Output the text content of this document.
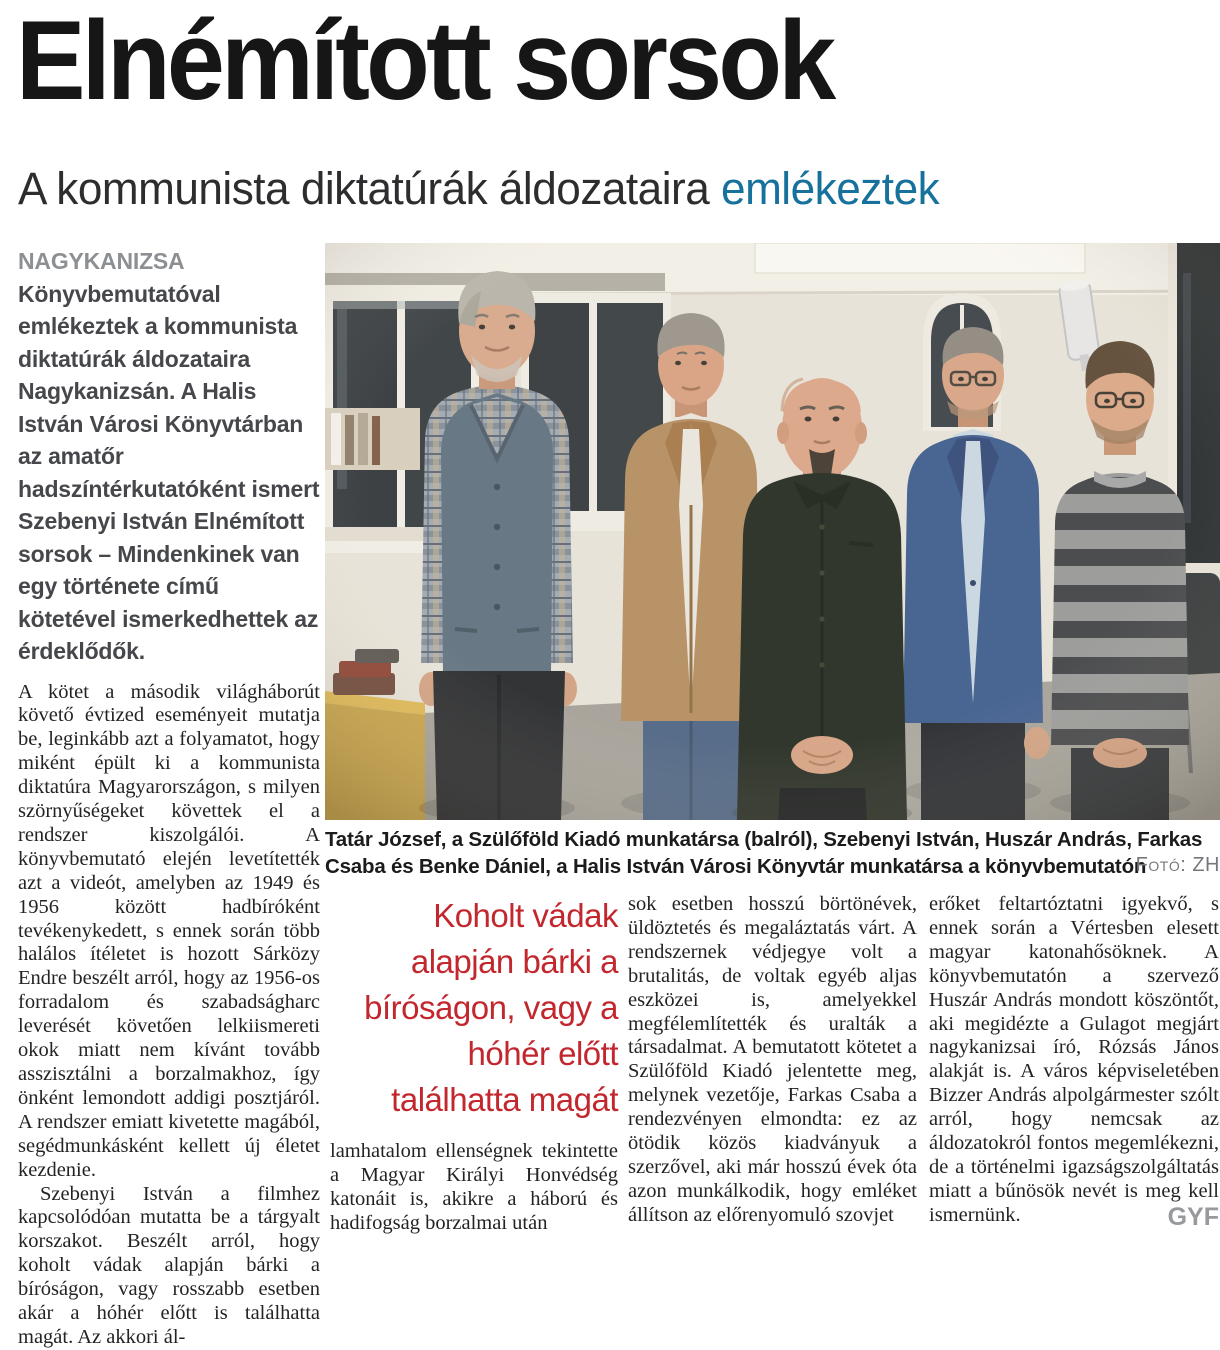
Elnémított sorsok
A kommunista diktatúrák áldozataira emlékeztek

NAGYKANIZSA Könyvbemutatóval emlékeztek a kommunista diktatúrák áldozataira Nagykanizsán. A Halis István Városi Könyvtárban az amatőr hadszíntérkutatóként ismert Szebenyi István Elnémított sorsok – Mindenkinek van egy története című kötetével ismerkedhettek az érdeklődők.

A kötet a második világháborút követő évtized eseményeit mutatja be, leginkább azt a folyamatot, hogy miként épült ki a kommunista diktatúra Magyarországon, s milyen szörnyűségeket követtek el a rendszer kiszolgálói. A könyvbemutató elején levetítették azt a videót, amelyben az 1949 és 1956 között hadbíróként tevékenykedett, s ennek során több halálos ítéletet is hozott Sárközy Endre beszélt arról, hogy az 1956-os forradalom és szabadságharc leverését követően lelkiismereti okok miatt nem kívánt tovább asszisztálni a borzalmakhoz, így önként lemondott addigi posztjáról. A rendszer emiatt kivetette magából, segédmunkásként kellett új életet kezdenie.

Szebenyi István a filmhez kapcsolódóan mutatta be a tárgyalt korszakot. Beszélt arról, hogy koholt vádak alapján bárki a bíróságon, vagy rosszabb esetben akár a hóhér előtt is találhatta magát. Az akkori ál-

Tatár József, a Szülőföld Kiadó munkatársa (balról), Szebenyi István, Huszár András, Farkas Csaba és Benke Dániel, a Halis István Városi Könyvtár munkatársa a könyvbemutatón
Fotó: ZH
Koholt vádak alapján bárki a bíróságon, vagy a hóhér előtt találhatta magát

lamhatalom ellenségnek tekintette a Magyar Királyi Honvédség katonáit is, akikre a háború és hadifogság borzalmai után

sok esetben hosszú börtönévek, üldöztetés és megaláztatás várt. A rendszernek védjegye volt a brutalitás, de voltak egyéb aljas eszközei is, amelyekkel megfélemlítették és uralták a társadalmat. A bemutatott kötetet a Szülőföld Kiadó jelentette meg, melynek vezetője, Farkas Csaba a rendezvényen elmondta: ez az ötödik közös kiadványuk a szerzővel, aki már hosszú évek óta azon munkálkodik, hogy emléket állítson az előrenyomuló szovjet

erőket feltartóztatni igyekvő, s ennek során a Vértesben elesett magyar katonahősöknek. A könyvbemutatón a szervező Huszár András mondott köszöntőt, aki megidézte a Gulagot megjárt nagykanizsai író, Rózsás János alakját is. A város képviseletében Bizzer András alpolgármester szólt arról, hogy nemcsak az áldozatokról fontos megemlékezni, de a történelmi igazságszolgáltatás miatt a bűnösök nevét is meg kell ismernünk.	GYF
